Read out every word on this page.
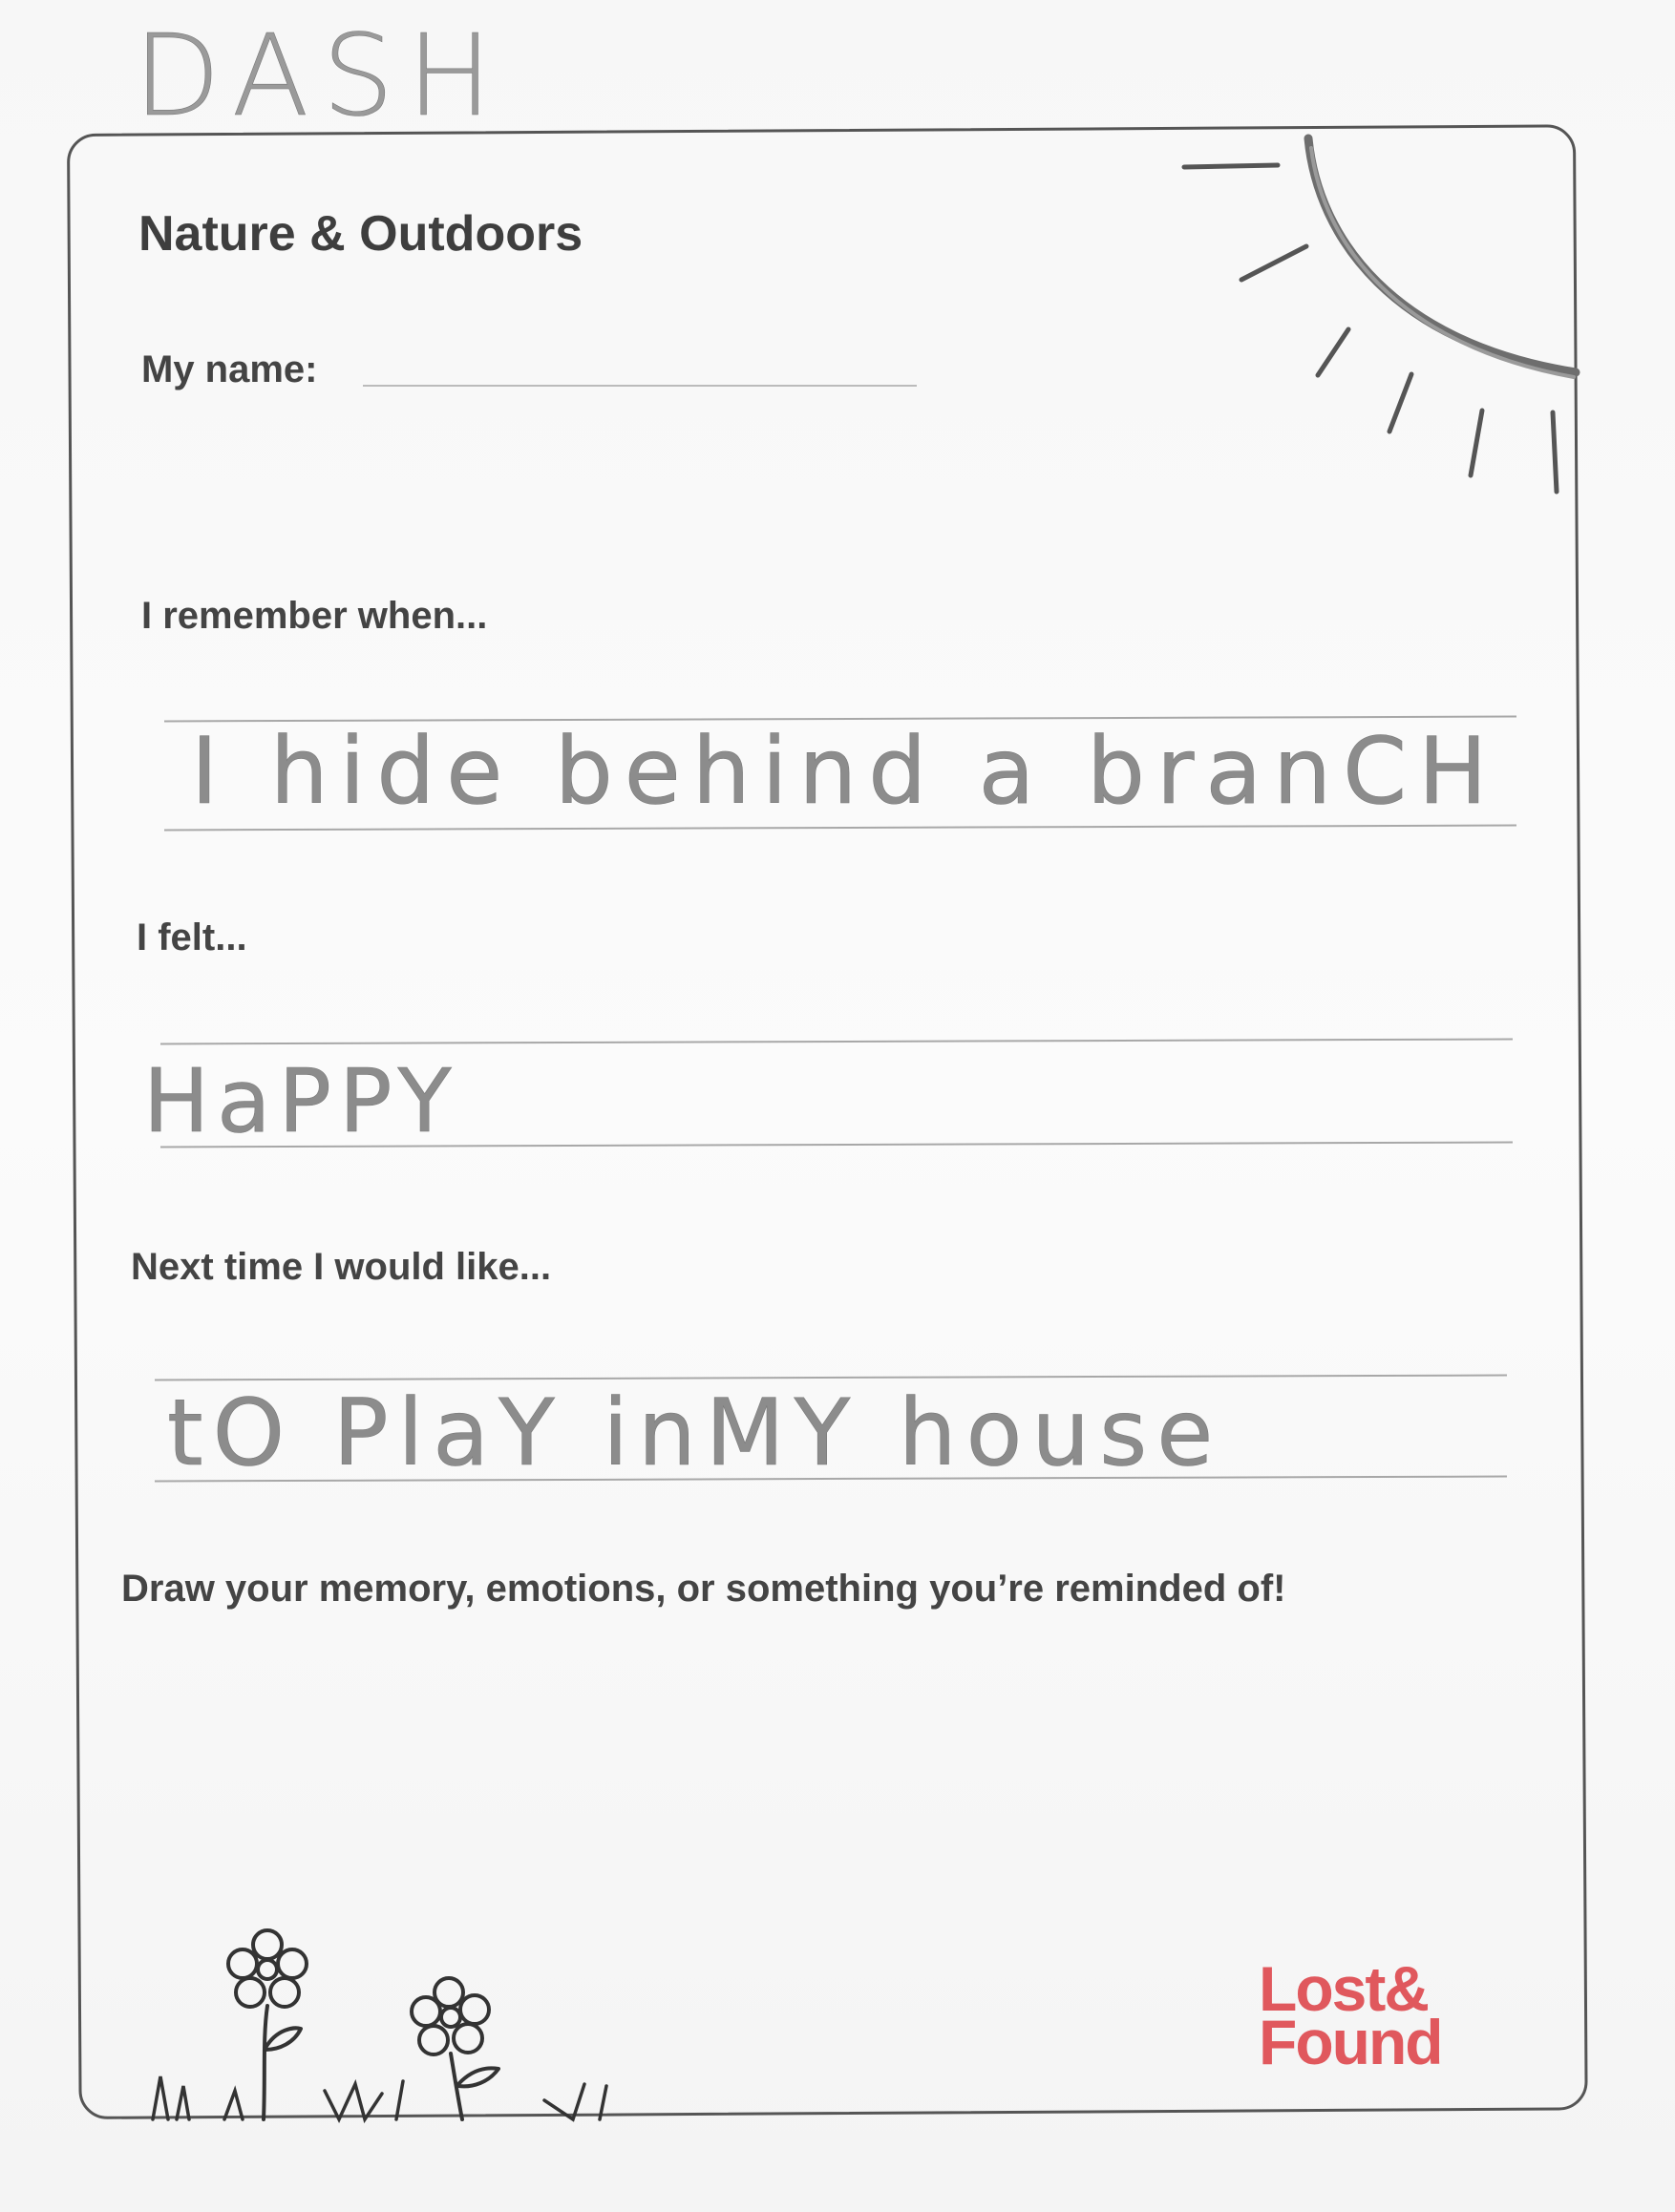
DASH
Nature & Outdoors
My name:
I remember when...
I hide behind a branCH
I felt...
HaPPY
Next time I would like...
tO PlaY inMY house
Draw your memory, emotions, or something you’re reminded of!
Lost&
Found
